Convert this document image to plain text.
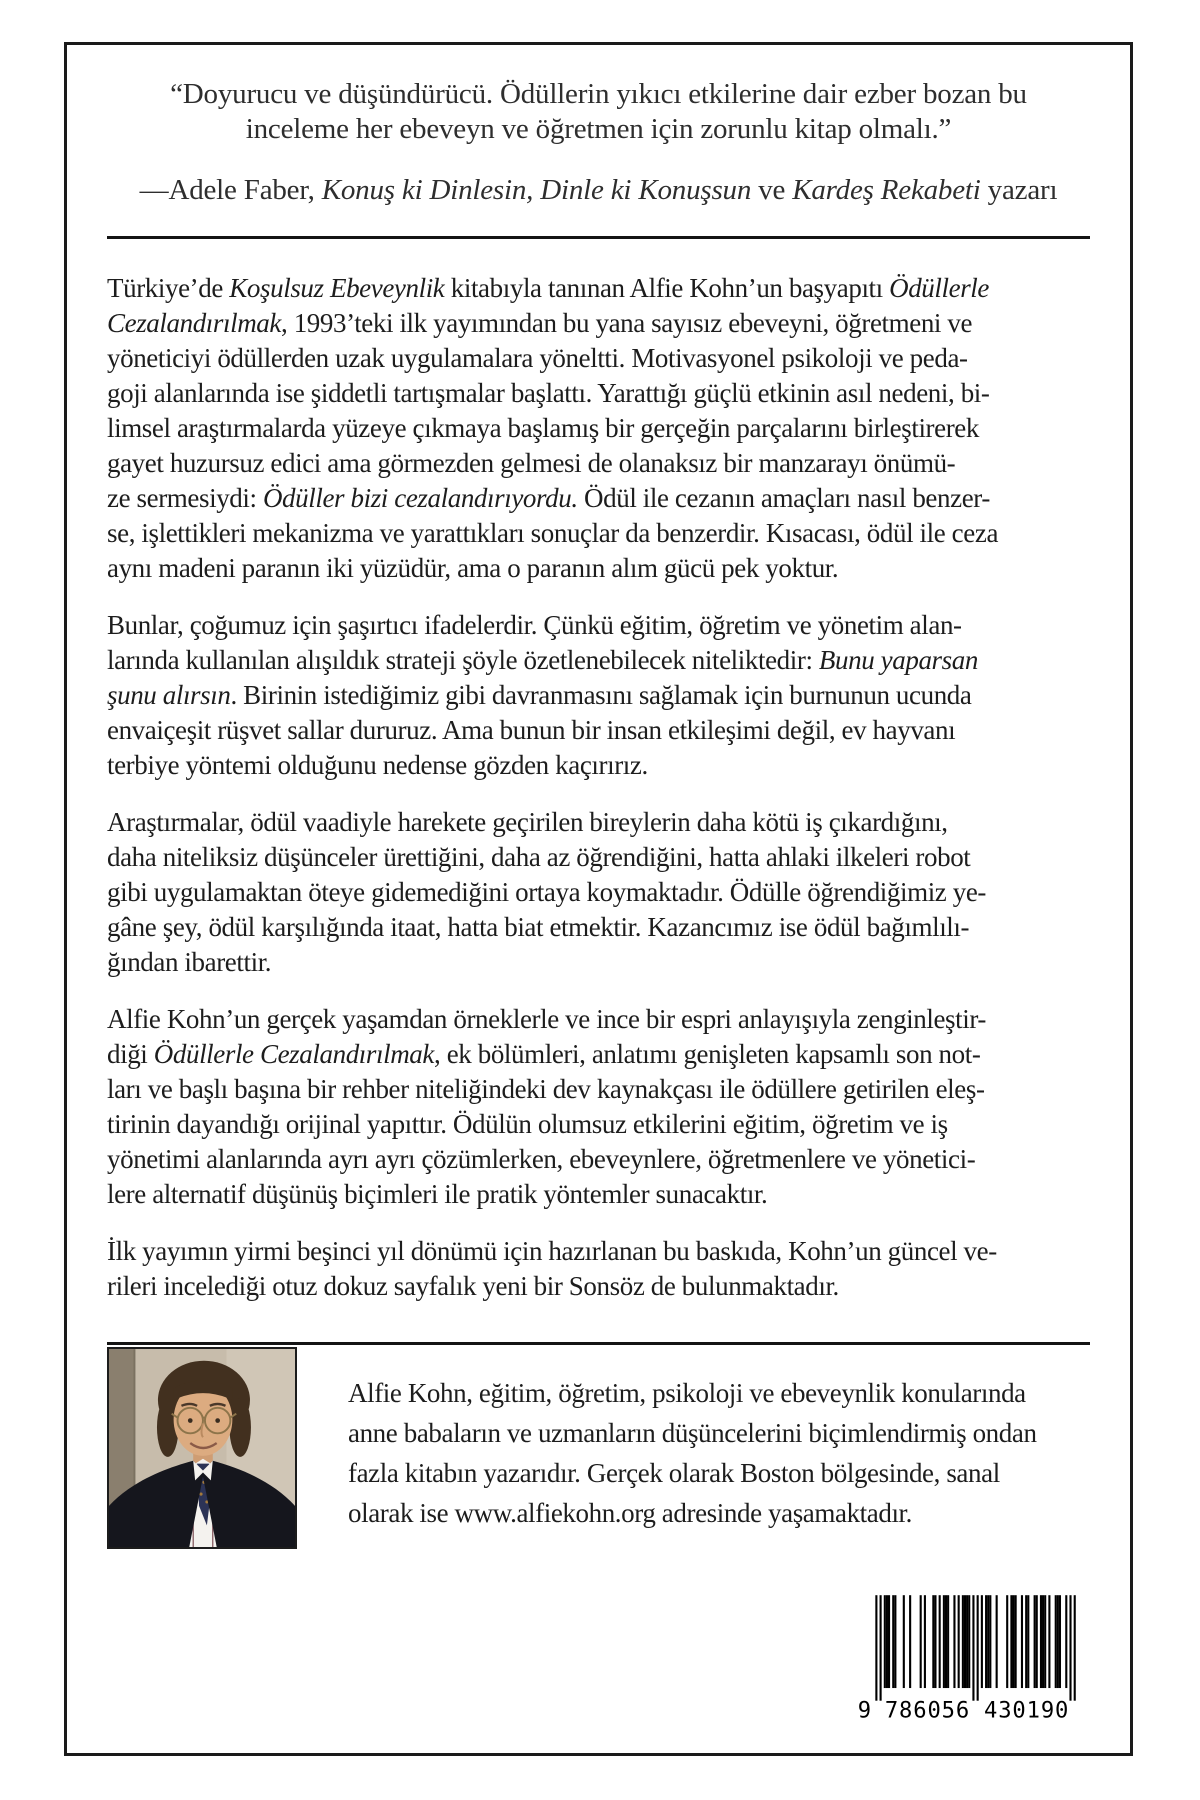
“Doyurucu ve düşündürücü. Ödüllerin yıkıcı etkilerine dair ezber bozan bu
inceleme her ebeveyn ve öğretmen için zorunlu kitap olmalı.”
—Adele Faber, Konuş ki Dinlesin, Dinle ki Konuşsun ve Kardeş Rekabeti yazarı
Türkiye’de Koşulsuz Ebeveynlik kitabıyla tanınan Alfie Kohn’un başyapıtı Ödüllerle
Cezalandırılmak, 1993’teki ilk yayımından bu yana sayısız ebeveyni, öğretmeni ve
yöneticiyi ödüllerden uzak uygulamalara yöneltti. Motivasyonel psikoloji ve peda-
goji alanlarında ise şiddetli tartışmalar başlattı. Yarattığı güçlü etkinin asıl nedeni, bi-
limsel araştırmalarda yüzeye çıkmaya başlamış bir gerçeğin parçalarını birleştirerek
gayet huzursuz edici ama görmezden gelmesi de olanaksız bir manzarayı önümü-
ze sermesiydi: Ödüller bizi cezalandırıyordu. Ödül ile cezanın amaçları nasıl benzer-
se, işlettikleri mekanizma ve yarattıkları sonuçlar da benzerdir. Kısacası, ödül ile ceza
aynı madeni paranın iki yüzüdür, ama o paranın alım gücü pek yoktur.
Bunlar, çoğumuz için şaşırtıcı ifadelerdir. Çünkü eğitim, öğretim ve yönetim alan-
larında kullanılan alışıldık strateji şöyle özetlenebilecek niteliktedir: Bunu yaparsan
şunu alırsın. Birinin istediğimiz gibi davranmasını sağlamak için burnunun ucunda
envaiçeşit rüşvet sallar dururuz. Ama bunun bir insan etkileşimi değil, ev hayvanı
terbiye yöntemi olduğunu nedense gözden kaçırırız.
Araştırmalar, ödül vaadiyle harekete geçirilen bireylerin daha kötü iş çıkardığını,
daha niteliksiz düşünceler ürettiğini, daha az öğrendiğini, hatta ahlaki ilkeleri robot
gibi uygulamaktan öteye gidemediğini ortaya koymaktadır. Ödülle öğrendiğimiz ye-
gâne şey, ödül karşılığında itaat, hatta biat etmektir. Kazancımız ise ödül bağımlılı-
ğından ibarettir.
Alfie Kohn’un gerçek yaşamdan örneklerle ve ince bir espri anlayışıyla zenginleştir-
diği Ödüllerle Cezalandırılmak, ek bölümleri, anlatımı genişleten kapsamlı son not-
ları ve başlı başına bir rehber niteliğindeki dev kaynakçası ile ödüllere getirilen eleş-
tirinin dayandığı orijinal yapıttır. Ödülün olumsuz etkilerini eğitim, öğretim ve iş
yönetimi alanlarında ayrı ayrı çözümlerken, ebeveynlere, öğretmenlere ve yönetici-
lere alternatif düşünüş biçimleri ile pratik yöntemler sunacaktır.
İlk yayımın yirmi beşinci yıl dönümü için hazırlanan bu baskıda, Kohn’un güncel ve-
rileri incelediği otuz dokuz sayfalık yeni bir Sonsöz de bulunmaktadır.
Alfie Kohn, eğitim, öğretim, psikoloji ve ebeveynlik konularında
anne babaların ve uzmanların düşüncelerini biçimlendirmiş ondan
fazla kitabın yazarıdır. Gerçek olarak Boston bölgesinde, sanal
olarak ise www.alfiekohn.org adresinde yaşamaktadır.
9 786056 430190
